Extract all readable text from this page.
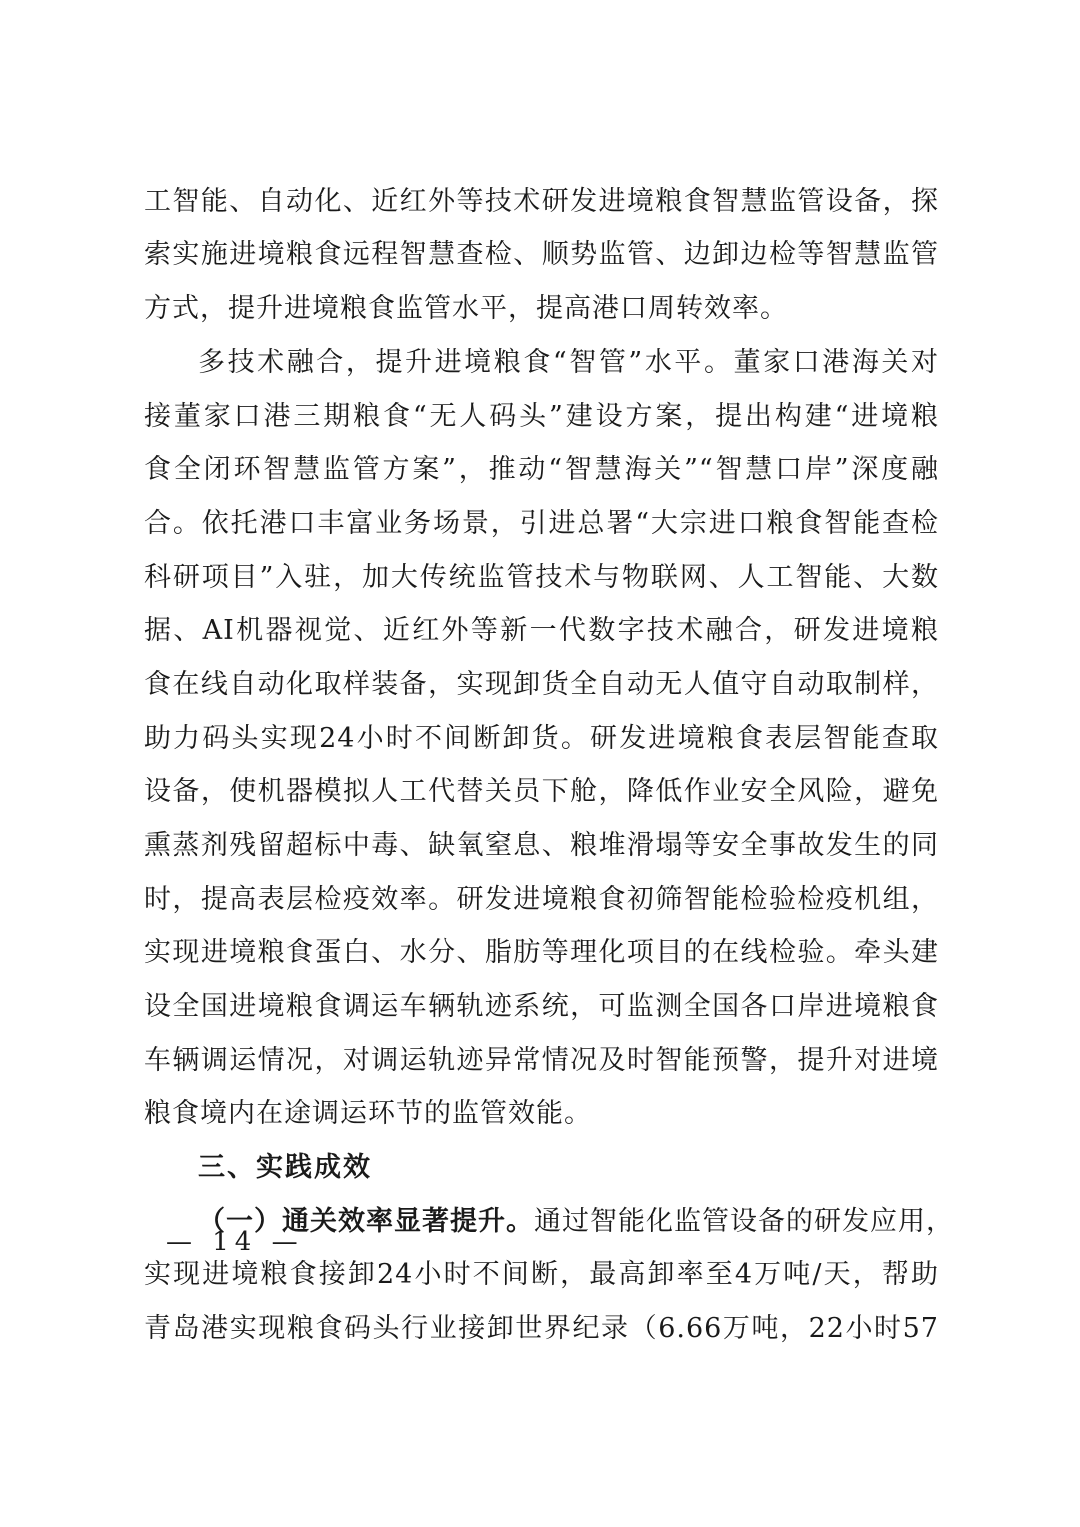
工智能、自动化、近红外等技术研发进境粮食智慧监管设备，探
索实施进境粮食远程智慧查检、顺势监管、边卸边检等智慧监管
方式，提升进境粮食监管水平，提高港口周转效率。
多技术融合，提升进境粮食“智管”水平。董家口港海关对
接董家口港三期粮食“无人码头”建设方案，提出构建“进境粮
食全闭环智慧监管方案”，推动“智慧海关”“智慧口岸”深度融
合。依托港口丰富业务场景，引进总署“大宗进口粮食智能查检
科研项目”入驻，加大传统监管技术与物联网、人工智能、大数
据、AI机器视觉、近红外等新一代数字技术融合，研发进境粮
食在线自动化取样装备，实现卸货全自动无人值守自动取制样，
助力码头实现24小时不间断卸货。研发进境粮食表层智能查取
设备，使机器模拟人工代替关员下舱，降低作业安全风险，避免
熏蒸剂残留超标中毒、缺氧窒息、粮堆滑塌等安全事故发生的同
时，提高表层检疫效率。研发进境粮食初筛智能检验检疫机组，
实现进境粮食蛋白、水分、脂肪等理化项目的在线检验。牵头建
设全国进境粮食调运车辆轨迹系统，可监测全国各口岸进境粮食
车辆调运情况，对调运轨迹异常情况及时智能预警，提升对进境
粮食境内在途调运环节的监管效能。
三、实践成效
（一）通关效率显著提升。通过智能化监管设备的研发应用，
实现进境粮食接卸24小时不间断，最高卸率至4万吨/天，帮助
青岛港实现粮食码头行业接卸世界纪录（6.66万吨，22小时57
— 14 —
